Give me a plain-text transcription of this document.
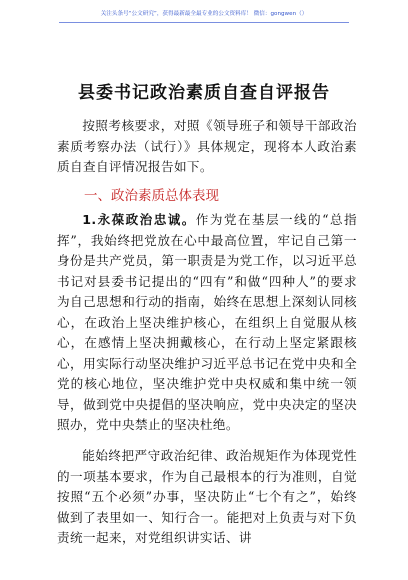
关注头条号“公文研究”，获得最新最全最专业的公文资料库！ 微信：gongwen（）
县委书记政治素质自查自评报告

按照考核要求，对照《领导班子和领导干部政治素质考察办法（试行）》具体规定，现将本人政治素质自查自评情况报告如下。

一、政治素质总体表现

1.永葆政治忠诚。作为党在基层一线的“总指挥”，我始终把党放在心中最高位置，牢记自己第一身份是共产党员，第一职责是为党工作，以习近平总书记对县委书记提出的“四有”和做“四种人”的要求为自己思想和行动的指南，始终在思想上深刻认同核心，在政治上坚决维护核心，在组织上自觉服从核心，在感情上坚决拥戴核心，在行动上坚定紧跟核心，用实际行动坚决维护习近平总书记在党中央和全党的核心地位，坚决维护党中央权威和集中统一领导，做到党中央提倡的坚决响应，党中央决定的坚决照办，党中央禁止的坚决杜绝。

能始终把严守政治纪律、政治规矩作为体现党性的一项基本要求，作为自己最根本的行为准则，自觉按照“五个必须”办事，坚决防止“七个有之”，始终做到了表里如一、知行合一。能把对上负责与对下负责统一起来，对党组织讲实话、讲
